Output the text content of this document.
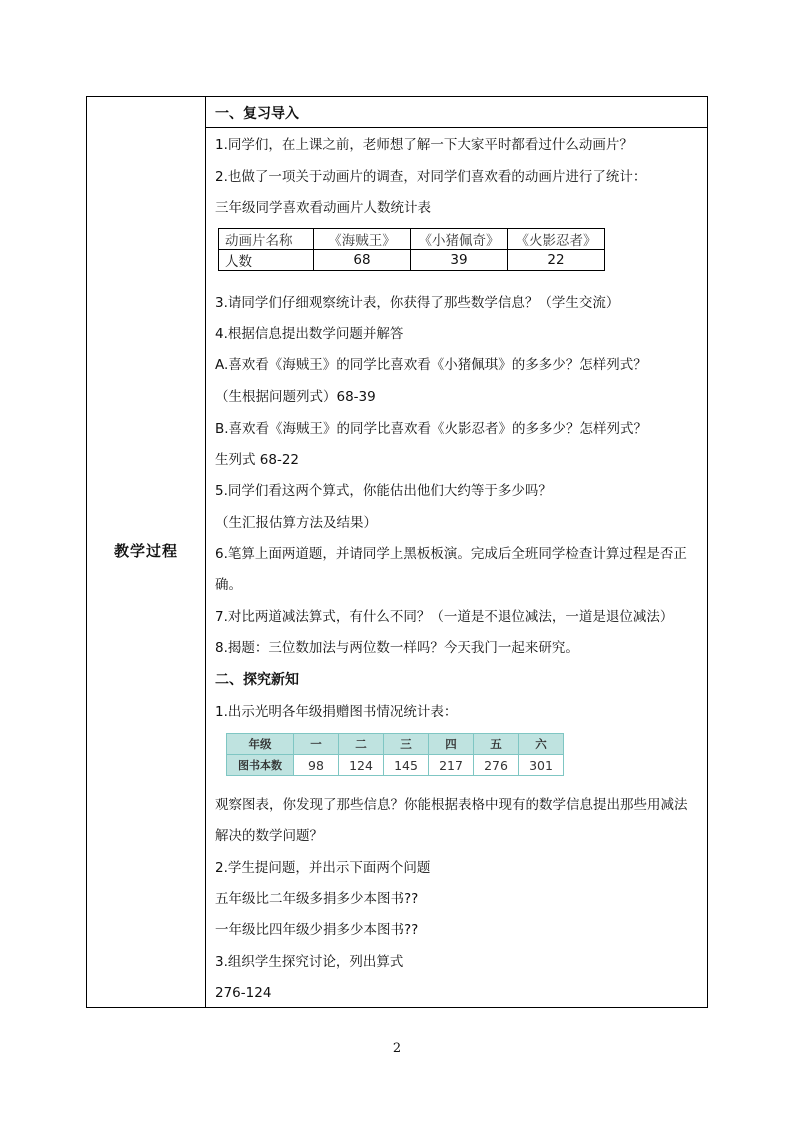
教学过程
一、复习导入
1.同学们，在上课之前，老师想了解一下大家平时都看过什么动画片？
2.也做了一项关于动画片的调查，对同学们喜欢看的动画片进行了统计：
三年级同学喜欢看动画片人数统计表
动画片名称	《海贼王》	《小猪佩奇》	《火影忍者》
人数	68	39	22
3.请同学们仔细观察统计表，你获得了那些数学信息？（学生交流）
4.根据信息提出数学问题并解答
A.喜欢看《海贼王》的同学比喜欢看《小猪佩琪》的多多少？怎样列式？
（生根据问题列式）68-39
B.喜欢看《海贼王》的同学比喜欢看《火影忍者》的多多少？怎样列式？
生列式 68-22
5.同学们看这两个算式，你能估出他们大约等于多少吗？
（生汇报估算方法及结果）
6.笔算上面两道题，并请同学上黑板板演。完成后全班同学检查计算过程是否正
确。
7.对比两道减法算式，有什么不同？（一道是不退位减法，一道是退位减法）
8.揭题：三位数加法与两位数一样吗？今天我门一起来研究。
二、探究新知
1.出示光明各年级捐赠图书情况统计表：
年级	一	二	三	四	五	六
图书本数	98	124	145	217	276	301
观察图表，你发现了那些信息？你能根据表格中现有的数学信息提出那些用减法
解决的数学问题？
2.学生提问题，并出示下面两个问题
五年级比二年级多捐多少本图书??
一年级比四年级少捐多少本图书??
3.组织学生探究讨论，列出算式
276-124
2
